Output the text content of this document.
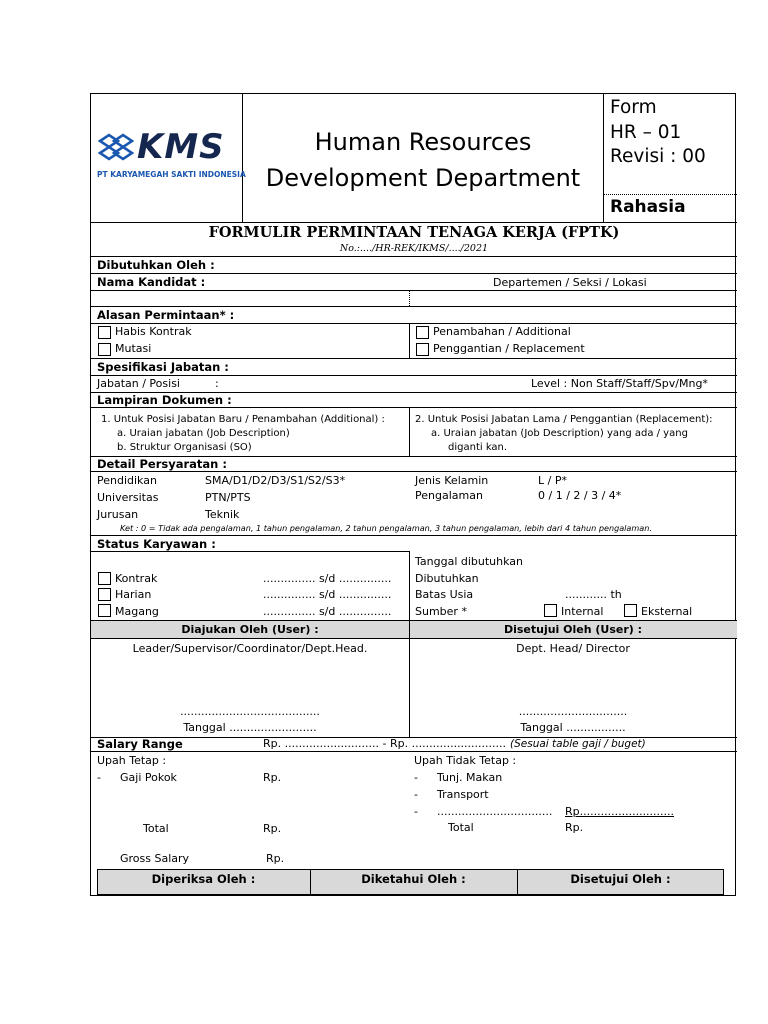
KMS
PT KARYAMEGAH SAKTI INDONESIA
Human Resources
Development Department
Form
HR – 01
Revisi : 00
Rahasia
FORMULIR PERMINTAAN TENAGA KERJA (FPTK)
No.:..../HR-REK/IKMS/..../2021
Dibutuhkan Oleh :
Nama Kandidat :	Departemen / Seksi / Lokasi
Alasan Permintaan* :
Habis Kontrak
Mutasi
Penambahan / Additional
Penggantian / Replacement
Spesifikasi Jabatan :
Jabatan / Posisi	:	Level : Non Staff/Staff/Spv/Mng*
Lampiran Dokumen :
1. Untuk Posisi Jabatan Baru / Penambahan (Additional) :
a. Uraian jabatan (Job Description)
b. Struktur Organisasi (SO)
2. Untuk Posisi Jabatan Lama / Penggantian (Replacement):
a. Uraian jabatan (Job Description) yang ada / yang
diganti kan.
Detail Persyaratan :
Pendidikan	SMA/D1/D2/D3/S1/S2/S3*	Jenis Kelamin	L / P*
Universitas	PTN/PTS	Pengalaman	0 / 1 / 2 / 3 / 4*
Jurusan	Teknik
Ket : 0 = Tidak ada pengalaman, 1 tahun pengalaman, 2 tahun pengalaman, 3 tahun pengalaman, lebih dari 4 tahun pengalaman.
Status Karyawan :
Kontrak	............... s/d ...............
Harian	............... s/d ...............
Magang	............... s/d ...............
Tanggal dibutuhkan
Dibutuhkan
Batas Usia	............ th
Sumber *	Internal	Eksternal
Diajukan Oleh (User) :	Disetujui Oleh (User) :
Leader/Supervisor/Coordinator/Dept.Head.	Dept. Head/ Director
........................................	...............................
Tanggal .........................	Tanggal .................
Salary Range	Rp. ........................... - Rp. ........................... (Sesuai table gaji / buget)
Upah Tetap :
- Gaji Pokok	Rp.
Total	Rp.
Gross Salary	Rp.
Upah Tidak Tetap :
- Tunj. Makan
- Transport
- ................................. Rp...........................
Total	Rp.
Diperiksa Oleh :	Diketahui Oleh :	Disetujui Oleh :
